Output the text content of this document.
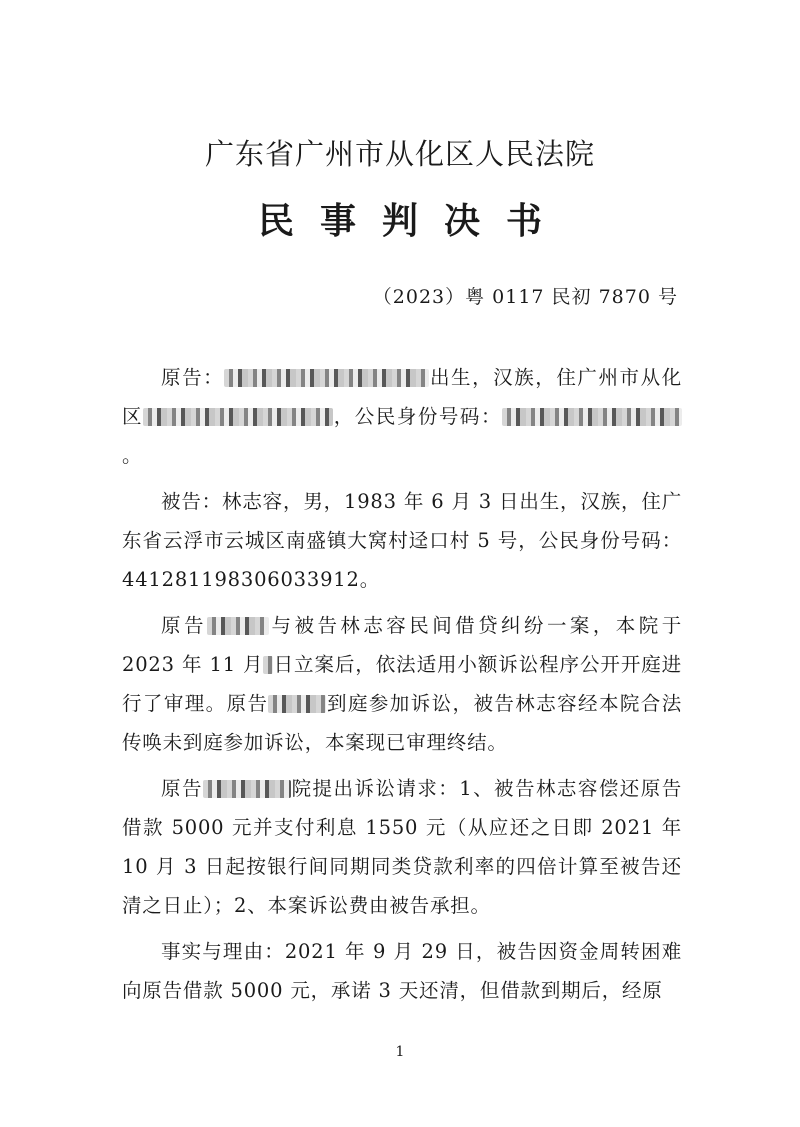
广东省广州市从化区人民法院
民事判决书
（2023）粤 0117 民初 7870 号

原告：	出生，汉族，住广州市从化区	，公民身份号码：。

被告：林志容，男，1983 年 6 月 3 日出生，汉族，住广东省云浮市云城区南盛镇大窝村迳口村 5 号，公民身份号码：441281198306033912。

原告	与被告林志容民间借贷纠纷一案，本院于 2023 年 11 月 日立案后，依法适用小额诉讼程序公开开庭进行了审理。原告	到庭参加诉讼，被告林志容经本院合法传唤未到庭参加诉讼，本案现已审理终结。

原告	院提出诉讼请求：1、被告林志容偿还原告借款 5000 元并支付利息 1550 元（从应还之日即 2021 年 10 月 3 日起按银行间同期同类贷款利率的四倍计算至被告还清之日止）；2、本案诉讼费由被告承担。

事实与理由：2021 年 9 月 29 日，被告因资金周转困难向原告借款 5000 元，承诺 3 天还清，但借款到期后，经原

1
